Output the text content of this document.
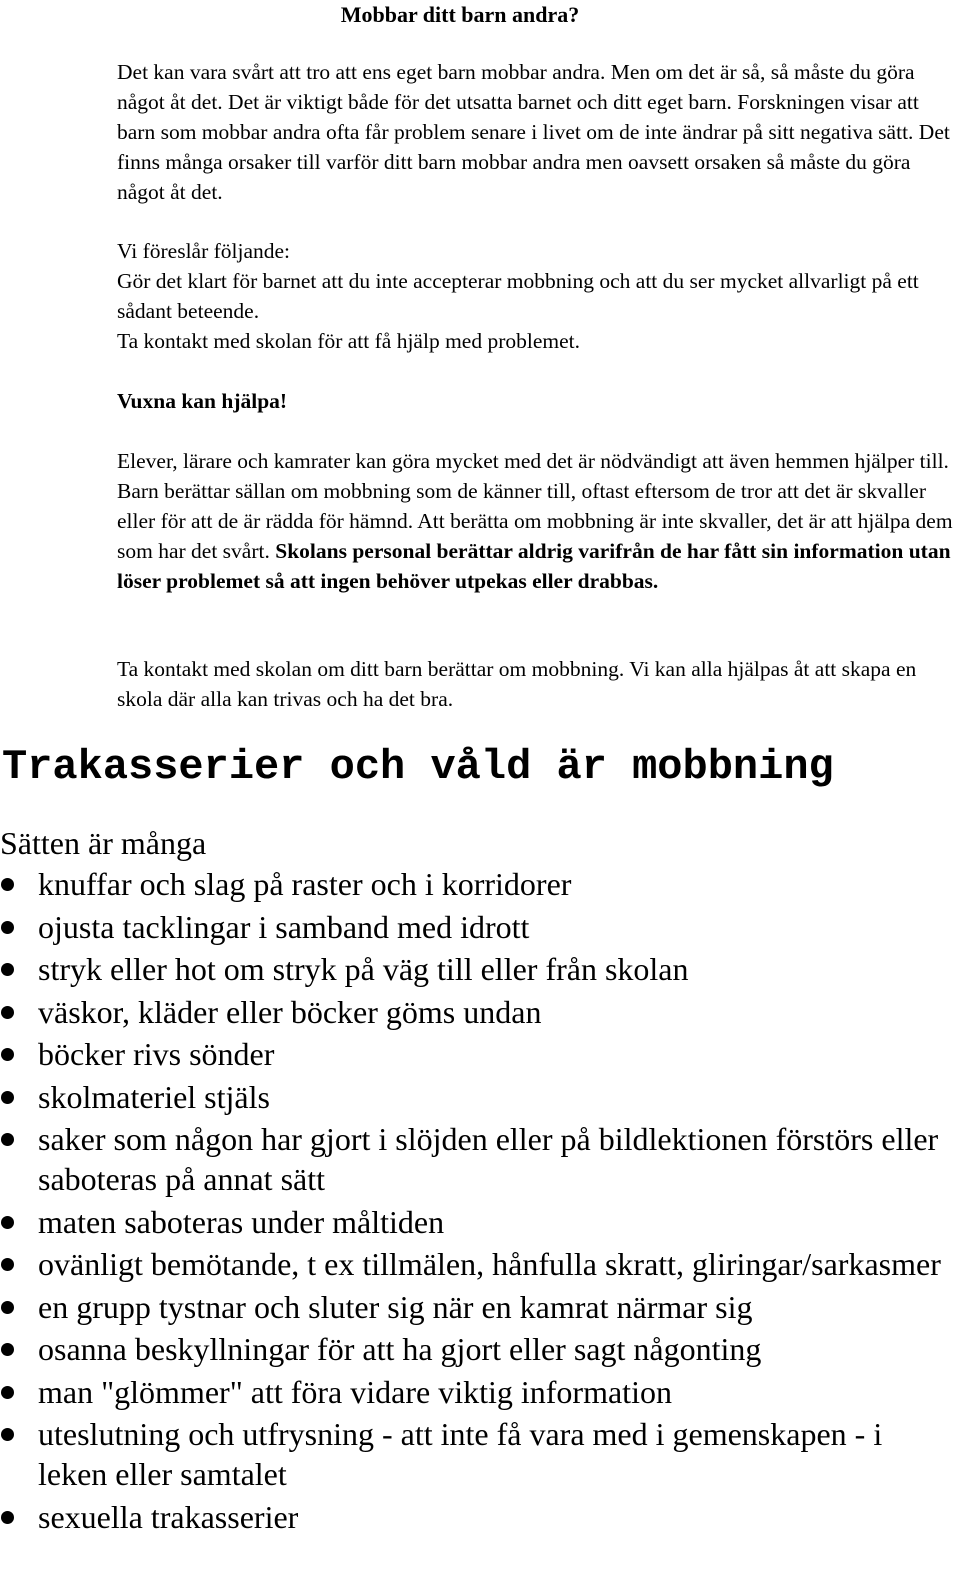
Mobbar ditt barn andra?

Det kan vara svårt att tro att ens eget barn mobbar andra. Men om det är så, så måste du göra något åt det. Det är viktigt både för det utsatta barnet och ditt eget barn. Forskningen visar att barn som mobbar andra ofta får problem senare i livet om de inte ändrar på sitt negativa sätt. Det finns många orsaker till varför ditt barn mobbar andra men oavsett orsaken så måste du göra något åt det.

Vi föreslår följande:

Gör det klart för barnet att du inte accepterar mobbning och att du ser mycket allvarligt på ett sådant beteende.

Ta kontakt med skolan för att få hjälp med problemet.

Vuxna kan hjälpa!

Elever, lärare och kamrater kan göra mycket med det är nödvändigt att även hemmen hjälper till. Barn berättar sällan om mobbning som de känner till, oftast eftersom de tror att det är skvaller eller för att de är rädda för hämnd. Att berätta om mobbning är inte skvaller, det är att hjälpa dem som har det svårt. Skolans personal berättar aldrig varifrån de har fått sin information utan löser problemet så att ingen behöver utpekas eller drabbas.

Ta kontakt med skolan om ditt barn berättar om mobbning. Vi kan alla hjälpas åt att skapa en skola där alla kan trivas och ha det bra.

Trakasserier och våld är mobbning
Sätten är många
knuffar och slag på raster och i korridorer
ojusta tacklingar i samband med idrott
stryk eller hot om stryk på väg till eller från skolan
väskor, kläder eller böcker göms undan
böcker rivs sönder
skolmateriel stjäls
saker som någon har gjort i slöjden eller på bildlektionen förstörs eller saboteras på annat sätt
maten saboteras under måltiden
ovänligt bemötande, t ex tillmälen, hånfulla skratt, gliringar/sarkasmer
en grupp tystnar och sluter sig när en kamrat närmar sig
osanna beskyllningar för att ha gjort eller sagt någonting
man "glömmer" att föra vidare viktig information
uteslutning och utfrysning - att inte få vara med i gemenskapen - i leken eller samtalet
sexuella trakasserier
